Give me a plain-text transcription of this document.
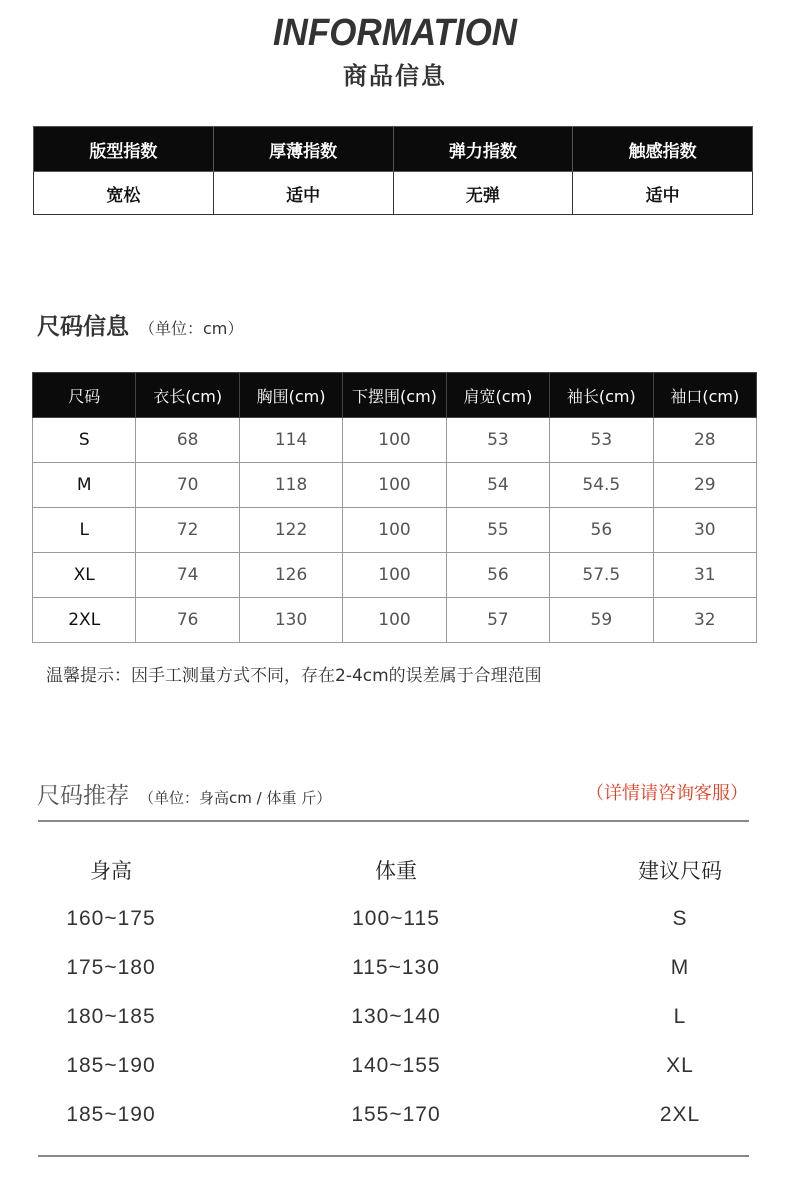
INFORMATION
商品信息
版型指数	厚薄指数	弹力指数	触感指数
宽松	适中	无弹	适中
尺码信息 （单位：cm）
尺码	衣长(cm)	胸围(cm)	下摆围(cm)	肩宽(cm)	袖长(cm)	袖口(cm)
S	68	114	100	53	53	28
M	70	118	100	54	54.5	29
L	72	122	100	55	56	30
XL	74	126	100	56	57.5	31
2XL	76	130	100	57	59	32
温馨提示：因手工测量方式不同，存在2-4cm的误差属于合理范围
尺码推荐 （单位：身高cm / 体重 斤）	（详情请咨询客服）
身高	体重	建议尺码
160~175	100~115	S
175~180	115~130	M
180~185	130~140	L
185~190	140~155	XL
185~190	155~170	2XL
